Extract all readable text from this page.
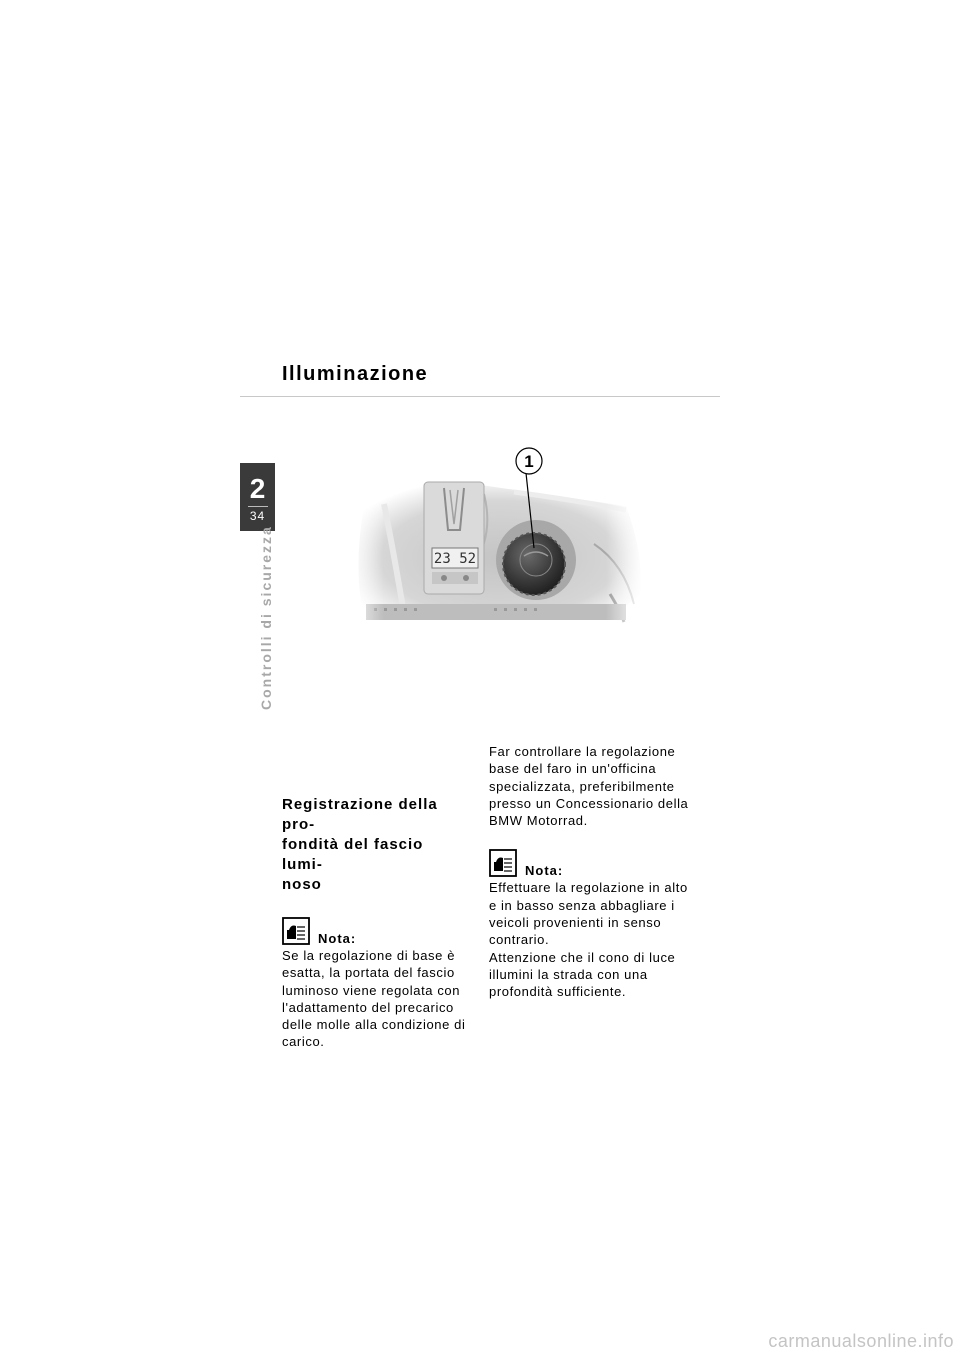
Illuminazione
2
34
Controlli di sicurezza	23 52
1
Registrazione della pro-
fondità del fascio lumi-
noso
Nota:
Se la regolazione di base è
esatta, la portata del fascio
luminoso viene regolata con
l'adattamento del precarico
delle molle alla condizione di
carico.
Far controllare la regolazione
base del faro in un'officina
specializzata, preferibilmente
presso un Concessionario della
BMW Motorrad.
Nota:
Effettuare la regolazione in alto
e in basso senza abbagliare i
veicoli provenienti in senso
contrario.
Attenzione che il cono di luce
illumini la strada con una
profondità sufficiente.
carmanualsonline.info
